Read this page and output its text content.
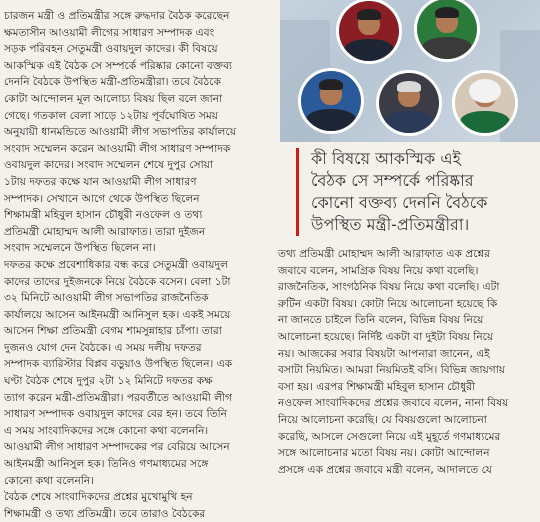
চারজন মন্ত্রী ও প্রতিমন্ত্রীর সঙ্গে রুদ্ধদার বৈঠক করেছেন
ক্ষমতাসীন আওয়ামী লীগের সাধারণ সম্পাদক এবং
সড়ক পরিবহন সেতুমন্ত্রী ওবায়দুল কাদের। কী বিষয়ে
আকস্মিক এই বৈঠক সে সম্পর্কে পরিষ্কার কোনো বক্তব্য
দেননি বৈঠকে উপস্থিত মন্ত্রী-প্রতিমন্ত্রীরা। তবে বৈঠকে
কোটা আন্দোলন মূল আলোচ্য বিষয় ছিল বলে জানা
গেছে। গতকাল বেলা সাড়ে ১২টায় পূর্বঘোষিত সময়
অনুযায়ী ধানমন্ডিতে আওয়ামী লীগ সভাপতির কার্যালয়ে
সংবাদ সম্মেলন করেন আওয়ামী লীগ সাধারণ সম্পাদক
ওবায়দুল কাদের। সংবাদ সম্মেলন শেষে দুপুর সোয়া
১টায় দফতর কক্ষে যান আওয়ামী লীগ সাধারণ
সম্পাদক। সেখানে আগে থেকে উপস্থিত ছিলেন
শিক্ষামন্ত্রী মহিবুল হাসান চৌধুরী নওফেল ও তথ্য
প্রতিমন্ত্রী মোহাম্মদ আলী আরাফাত। তারা দুইজন
সংবাদ সম্মেলনে উপস্থিত ছিলেন না।
দফতর কক্ষে প্রবেশাধিকার বন্ধ করে সেতুমন্ত্রী ওবায়দুল
কাদের তাদের দুইজনকে নিয়ে বৈঠকে বসেন। বেলা ১টা
৩২ মিনিটে আওয়ামী লীগ সভাপতির রাজনৈতিক
কার্যালয়ে আসেন আইনমন্ত্রী আনিসুল হক। একই সময়ে
আসেন শিক্ষা প্রতিমন্ত্রী বেগম শামসুন্নাহার চাঁপা। তারা
দুজনও যোগ দেন বৈঠকে। এ সময় দলীয় দফতর
সম্পাদক ব্যারিস্টার বিপ্লব বড়ুয়াও উপস্থিত ছিলেন। এক
ঘণ্টা বৈঠক শেষে দুপুর ২টা ১২ মিনিটে দফতর কক্ষ
ত্যাগ করেন মন্ত্রী-প্রতিমন্ত্রীরা। পরবর্তীতে আওয়ামী লীগ
সাধারণ সম্পাদক ওবায়দুল কাদের বের হন। তবে তিনি
এ সময় সাংবাদিকদের সঙ্গে কোনো কথা বলেননি।
আওয়ামী লীগ সাধারণ সম্পাদকের পর বেরিয়ে আসেন
আইনমন্ত্রী আনিসুল হক। তিনিও গণমাধ্যমের সঙ্গে
কোনো কথা বলেননি।
বৈঠক শেষে সাংবাদিকদের প্রশ্নের মুখোমুখি হন
শিক্ষামন্ত্রী ও তথ্য প্রতিমন্ত্রী। তবে তারাও বৈঠকের
কী বিষয়ে আকস্মিক এই
বৈঠক সে সম্পর্কে পরিষ্কার
কোনো বক্তব্য দেননি বৈঠকে
উপস্থিত মন্ত্রী-প্রতিমন্ত্রীরা।
তথ্য প্রতিমন্ত্রী মোহাম্মদ আলী আরাফাত এক প্রশ্নের
জবাবে বলেন, সামগ্রিক বিষয় নিয়ে কথা বলেছি।
রাজনৈতিক, সাংগঠনিক বিষয় নিয়ে কথা বলেছি। এটা
রুটিন একটা বিষয়। কোটা নিয়ে আলোচনা হয়েছে কি
না জানতে চাইলে তিনি বলেন, বিভিন্ন বিষয় নিয়ে
আলোচনা হয়েছে। নির্দিষ্ট একটা বা দুইটা বিষয় নিয়ে
নয়। আজকের সবার বিষয়টা আপনারা জানেন, এই
বসাটা নিয়মিত। আমরা নিয়মিতই বসি। বিভিন্ন জায়গায়
বসা হয়। এরপর শিক্ষামন্ত্রী মহিবুল হাসান চৌধুরী
নওফেল সাংবাদিকদের প্রশ্নের জবাবে বলেন, নানা বিষয়
নিয়ে আলোচনা করেছি। যে বিষয়গুলো আলোচনা
করেছি, আসলে সেগুলো নিয়ে এই মুহূর্তে গণমাধ্যমের
সঙ্গে আলোচনার মতো বিষয় নয়। কোটা আন্দোলন
প্রসঙ্গে এক প্রশ্নের জবাবে মন্ত্রী বলেন, আদালতে যে
